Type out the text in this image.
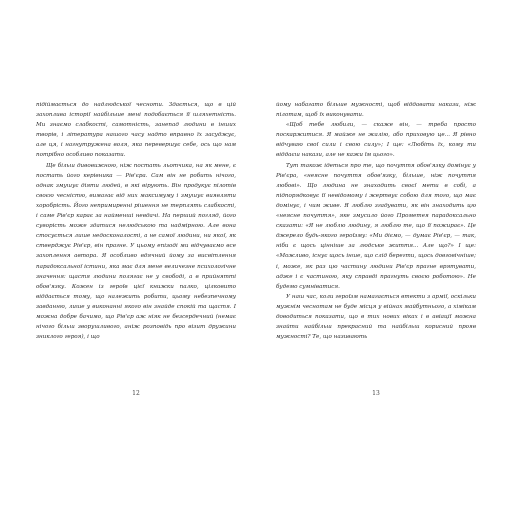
підіймається до надлюдської чесноти. Здається, що в цій захоплива історії найбільше мені подобається її шляхетність. Ми знаємо слабкості, самотність, занепад людини в інших творів, і література нашого часу надто вправно їх засуджує, але ця, і нагнутружена воля, яка перевершує себе, ось що нам потрібно особливо показати.

Ще більш дивовижною, ніж постать льотчика, на як мене, є постать його керівника — Рів'єра. Сам він не робить нічого, однак змушує діяти людей, в які вірують. Він продукує пілотів своєю чесністю, вимагає від них максимуму і змушує виявляти хоробрість. Його непримиренні рішення не терплять слабкості, і саме Рів'єр карає за найменші невдачі. На перший погляд, його суворість може здатися нелюдською та надмірною. Але вона стосується лише недосконалості, а не самої людини, ни якої, як стверджує Рів'єр, він прагне. У цьому епізоді ми відчуваємо все захоплення автора. Я особливо вдячний йому за висвітлення парадоксальної істини, яка має для мене величезне психологічне значення: щастя людини полягає не у свободі, а в прийнятті обов'язку. Кожен із героїв цієї книжки палко, цілковито віддається тому, що належить робити, цьому небезпечному завданню, лише у виконанні якого він знайде спокій та щастя. І можна добре бачимо, що Рів'єр аж ніяк не безсердечний (немає нічого більш зворушливого, аніж розповідь про візит дружини зниклого героя), і що

12

йому набагато більше мужності, щоб віддавати накази, ніж пілотам, щоб їх виконувати.

«Щоб тебе любили, — скаже він, — треба просто поскаржитися. Я майже не жалію, або приховую це... Я рівно відчуваю свої сили і свою силу»; І ще: «Любіть їх, кому ти віддаєш накази, але не кажи їм цього».

Тут також ідеться про те, що почуття обов'язку домінує у Рів'єра, «неясне почуття обов'язку, більше, ніж почуття любові». Що людина не знаходить своєї мети в собі, а підпорядковує її невідомому і жертвує собою для того, що має домінує, і чим живе. Я люблю згадувати, як він знаходить цю «неясне почуття», яке змусило його Прометея парадоксально сказати: «Я не люблю людину, я люблю те, що її пожирає». Це джерело будь-якого героїзму: «Ми діємо, — думає Рів'єр, — так, ніби є щось цінніше за людське життя... Але що?» І ще: «Можливо, існує щось інше, що слід берегти, щось довговічніше; і, може, як раз цю частину людини Рів'єр прагне врятувати, адже і є частиною, яку справді прагнуть своєю роботою». Не будемо сумніватися.

У наш час, коли героїзм намагається втекти з армії, оскільки мужнім чеснотам не буде місця у війнах майбутнього, а хімікам доводиться показати, що в тих нових віках і в авіації можна знайти найбільш прекрасний та найбільш корисний прояв мужності? Те, що називають

13
